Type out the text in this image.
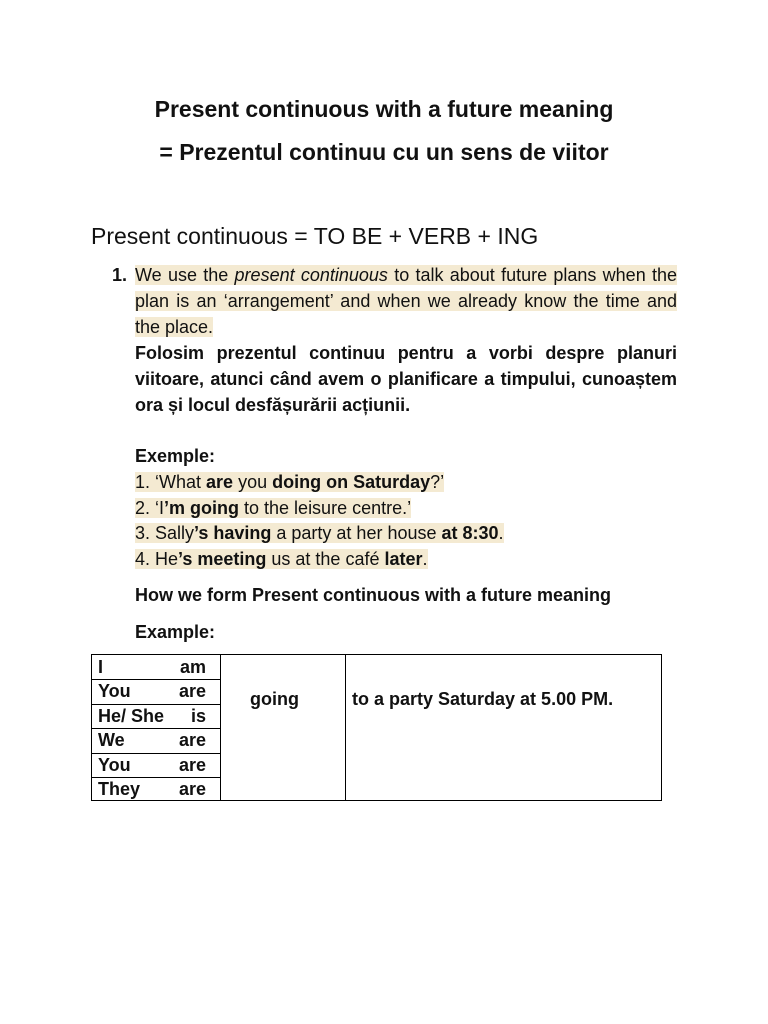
Present continuous with a future meaning
= Prezentul continuu cu un sens de viitor
Present continuous = TO BE + VERB + ING
1. We use the present continuous to talk about future plans when the plan is an ‘arrangement’ and when we already know the time and the place.
Folosim prezentul continuu pentru a vorbi despre planuri viitoare, atunci când avem o planificare a timpului, cunoaștem ora și locul desfășurării acțiunii.
Exemple:
1. ‘What are you doing on Saturday?’
2. ‘I’m going to the leisure centre.’
3. Sally’s having a party at her house at 8:30.
4. He’s meeting us at the café later.
How we form Present continuous with a future meaning
Example:
I	am
You	are
He/ She is
We	are
You	are
They are
going	to a party Saturday at 5.00 PM.
